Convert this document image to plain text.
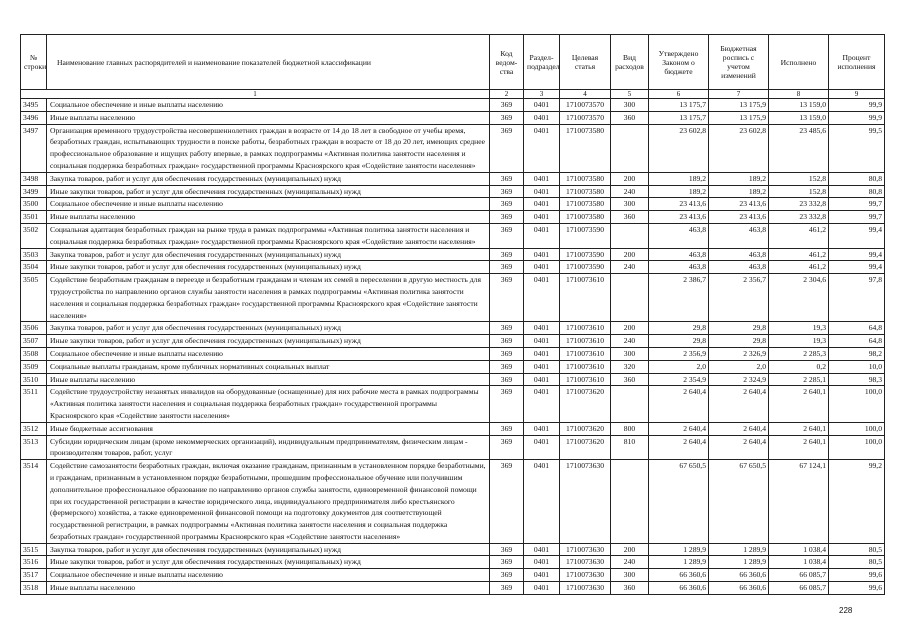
№ строки	Наименование главных распорядителей и наименование показателей бюджетной классификации	Код ведом-ства	Раздел-подраздел	Целевая статья	Вид расходов	Утверждено Законом о бюджете	Бюджетная роспись с учетом изменений	Исполнено	Процент исполнения
1		2	3	4	5	6	7	8	9
3495	Социальное обеспечение и иные выплаты населению	369	0401	1710073570	300	13 175,7	13 175,9	13 159,0	99,9
3496	Иные выплаты населению	369	0401	1710073570	360	13 175,7	13 175,9	13 159,0	99,9
3497	Организация временного трудоустройства несовершеннолетних граждан в возрасте от 14 до 18 лет в свободное от учебы время, безработных граждан, испытывающих трудности в поиске работы, безработных граждан в возрасте от 18 до 20 лет, имеющих среднее профессиональное образование и ищущих работу впервые, в рамках подпрограммы «Активная политика занятости населения и социальная поддержка безработных граждан» государственной программы Красноярского края «Содействие занятости населения»	369	0401	1710073580		23 602,8	23 602,8	23 485,6	99,5
3498	Закупка товаров, работ и услуг для обеспечения государственных (муниципальных) нужд	369	0401	1710073580	200	189,2	189,2	152,8	80,8
3499	Иные закупки товаров, работ и услуг для обеспечения государственных (муниципальных) нужд	369	0401	1710073580	240	189,2	189,2	152,8	80,8
3500	Социальное обеспечение и иные выплаты населению	369	0401	1710073580	300	23 413,6	23 413,6	23 332,8	99,7
3501	Иные выплаты населению	369	0401	1710073580	360	23 413,6	23 413,6	23 332,8	99,7
3502	Социальная адаптация безработных граждан на рынке труда в рамках подпрограммы «Активная политика занятости населения и социальная поддержка безработных граждан» государственной программы Красноярского края «Содействие занятости населения»	369	0401	1710073590		463,8	463,8	461,2	99,4
3503	Закупка товаров, работ и услуг для обеспечения государственных (муниципальных) нужд	369	0401	1710073590	200	463,8	463,8	461,2	99,4
3504	Иные закупки товаров, работ и услуг для обеспечения государственных (муниципальных) нужд	369	0401	1710073590	240	463,8	463,8	461,2	99,4
3505	Содействие безработным гражданам в переезде и безработным гражданам и членам их семей в переселении в другую местность для трудоустройства по направлению органов службы занятости населения в рамках подпрограммы «Активная политика занятости населения и социальная поддержка безработных граждан» государственной программы Красноярского края «Содействие занятости населения»	369	0401	1710073610		2 386,7	2 356,7	2 304,6	97,8
3506	Закупка товаров, работ и услуг для обеспечения государственных (муниципальных) нужд	369	0401	1710073610	200	29,8	29,8	19,3	64,8
3507	Иные закупки товаров, работ и услуг для обеспечения государственных (муниципальных) нужд	369	0401	1710073610	240	29,8	29,8	19,3	64,8
3508	Социальное обеспечение и иные выплаты населению	369	0401	1710073610	300	2 356,9	2 326,9	2 285,3	98,2
3509	Социальные выплаты гражданам, кроме публичных нормативных социальных выплат	369	0401	1710073610	320	2,0	2,0	0,2	10,0
3510	Иные выплаты населению	369	0401	1710073610	360	2 354,9	2 324,9	2 285,1	98,3
3511	Содействие трудоустройству незанятых инвалидов на оборудованные (оснащенные) для них рабочие места в рамках подпрограммы «Активная политика занятости населения и социальная поддержка безработных граждан» государственной программы Красноярского края «Содействие занятости населения»	369	0401	1710073620		2 640,4	2 640,4	2 640,1	100,0
3512	Иные бюджетные ассигнования	369	0401	1710073620	800	2 640,4	2 640,4	2 640,1	100,0
3513	Субсидии юридическим лицам (кроме некоммерческих организаций), индивидуальным предпринимателям, физическим лицам - производителям товаров, работ, услуг	369	0401	1710073620	810	2 640,4	2 640,4	2 640,1	100,0
3514	Содействие самозанятости безработных граждан, включая оказание гражданам, признанным в установленном порядке безработными, и гражданам, признанным в установленном порядке безработными, прошедшим профессиональное обучение или получившим дополнительное профессиональное образование по направлению органов службы занятости, единовременной финансовой помощи при их государственной регистрации в качестве юридического лица, индивидуального предпринимателя либо крестьянского (фермерского) хозяйства, а также единовременной финансовой помощи на подготовку документов для соответствующей государственной регистрации, в рамках подпрограммы «Активная политика занятости населения и социальная поддержка безработных граждан» государственной программы Красноярского края «Содействие занятости населения»	369	0401	1710073630		67 650,5	67 650,5	67 124,1	99,2
3515	Закупка товаров, работ и услуг для обеспечения государственных (муниципальных) нужд	369	0401	1710073630	200	1 289,9	1 289,9	1 038,4	80,5
3516	Иные закупки товаров, работ и услуг для обеспечения государственных (муниципальных) нужд	369	0401	1710073630	240	1 289,9	1 289,9	1 038,4	80,5
3517	Социальное обеспечение и иные выплаты населению	369	0401	1710073630	300	66 360,6	66 360,6	66 085,7	99,6
3518	Иные выплаты населению	369	0401	1710073630	360	66 360,6	66 360,6	66 085,7	99,6
228
